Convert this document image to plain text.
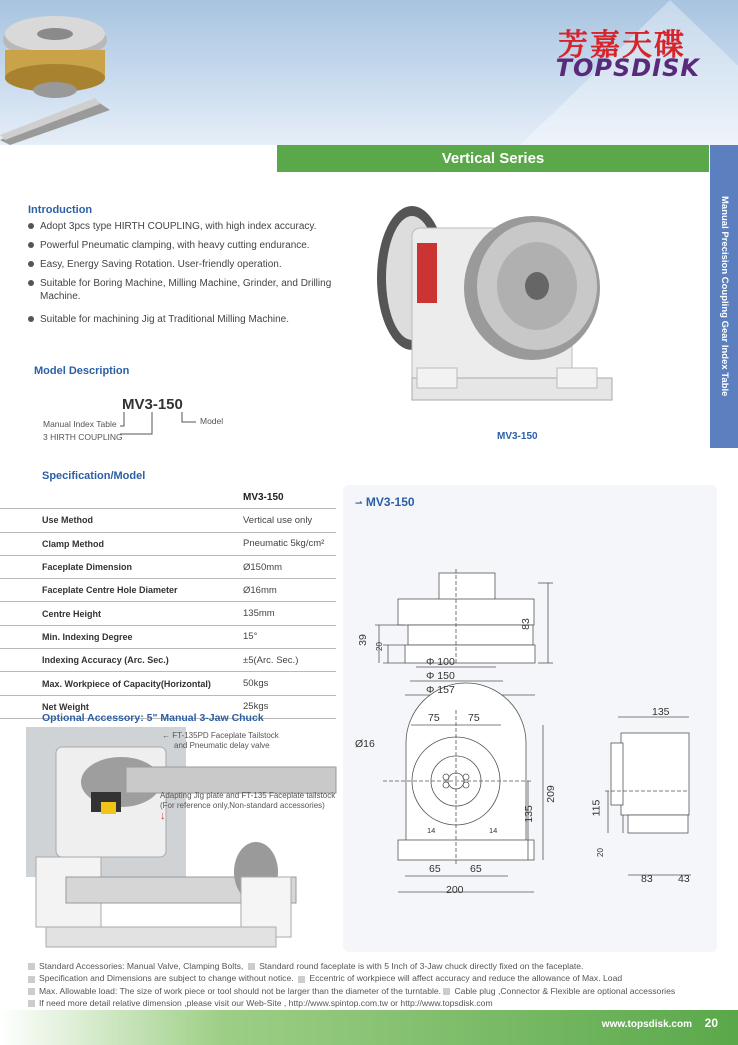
芳嘉天碟
TOPSDISK
Vertical Series
Manual Precision Coupling Gear Index Table
Introduction
Adopt 3pcs type HIRTH COUPLING, with high index accuracy.
Powerful Pneumatic clamping, with heavy cutting endurance.
Easy, Energy Saving Rotation. User-friendly operation.
Suitable for Boring Machine, Milling Machine, Grinder, and Drilling Machine.
Suitable for machining Jig at Traditional Milling Machine.
MV3-150
Model Description
MV3-150
Manual Index Table
3 HIRTH COUPLING
Model
Specification/Model
MV3-150
Use Method	Vertical use only
Clamp Method	Pneumatic 5kg/cm²
Faceplate Dimension	Ø150mm
Faceplate Centre Hole Diameter	Ø16mm
Centre Height	135mm
Min. Indexing Degree	15°
Indexing Accuracy (Arc. Sec.)	±5(Arc. Sec.)
Max. Workpiece of Capacity(Horizontal)	50kgs
Net Weight	25kgs
Optional Accessory: 5" Manual 3-Jaw Chuck
← FT-135PD Faceplate Tailstock
and Pneumatic delay valve
Adapting Jig plate and FT-135 Faceplate tailstock
(For reference only,Non-standard accessories)
↓
⇀ MV3-150
39
20
83
Φ 100
Φ 150
Φ 157
75	75
Ø16
209
135
14	14
65	65
200
135
115
20
83 43
Standard Accessories: Manual Valve, Clamping Bolts, Standard round faceplate is with 5 Inch of 3-Jaw chuck directly fixed on the faceplate.
Specification and Dimensions are subject to change without notice. Eccentric of workpiece will affect accuracy and reduce the allowance of Max. Load
Max. Allowable load: The size of work piece or tool should not be larger than the diameter of the turntable. Cable plug ,Connector & Flexible are optional accessories
If need more detail relative dimension ,please visit our Web-Site , http://www.spintop.com.tw or http://www.topsdisk.com
www.topsdisk.com 20
